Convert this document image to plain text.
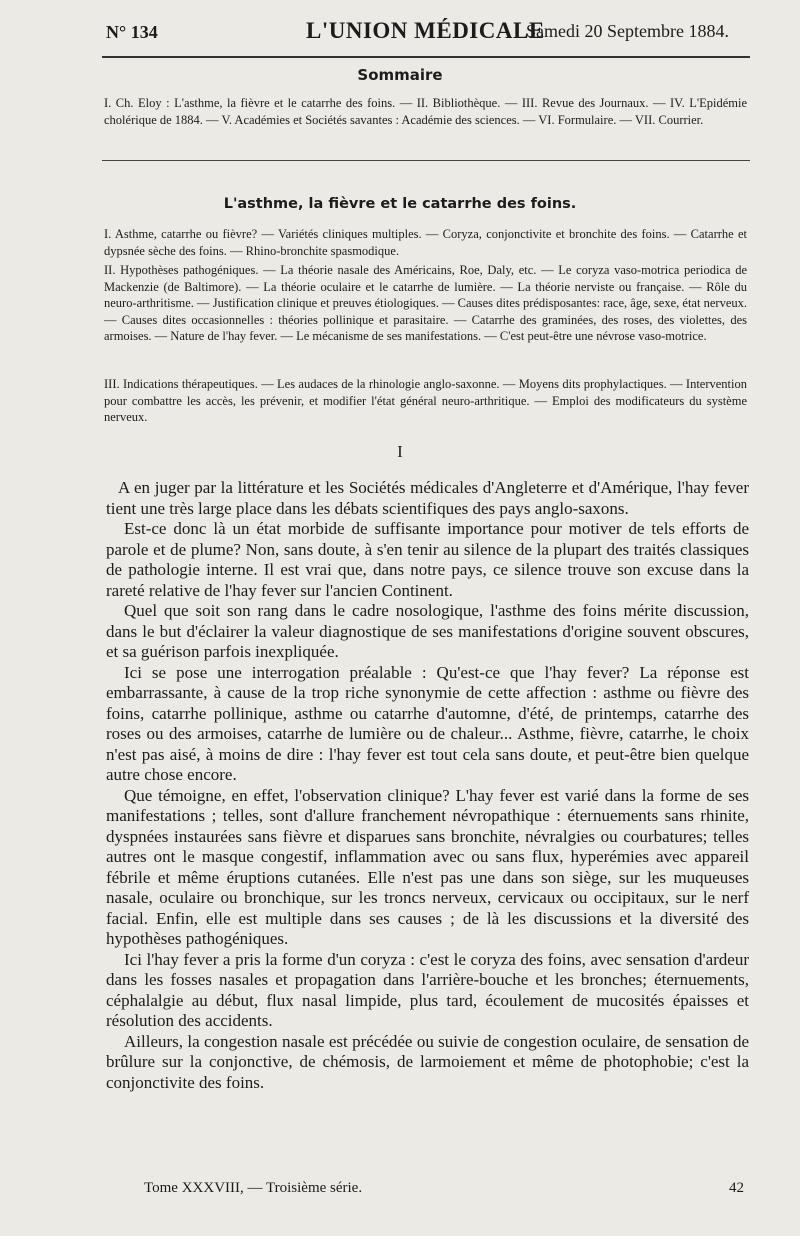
N° 134	L'UNION MÉDICALE
Samedi 20 Septembre 1884.
Sommaire
I. Ch. Eloy : L'asthme, la fièvre et le catarrhe des foins. — II. Bibliothèque. — III. Revue des Journaux. — IV. L'Epidémie cholérique de 1884. — V. Académies et Sociétés savantes : Académie des sciences. — VI. Formulaire. — VII. Courrier.
L'asthme, la fièvre et le catarrhe des foins.
I. Asthme, catarrhe ou fièvre? — Variétés cliniques multiples. — Coryza, conjonctivite et bronchite des foins. — Catarrhe et dypsnée sèche des foins. — Rhino-bronchite spasmodique.
II. Hypothèses pathogéniques. — La théorie nasale des Américains, Roe, Daly, etc. — Le coryza vaso-motrica periodica de Mackenzie (de Baltimore). — La théorie oculaire et le catarrhe de lumière. — La théorie nerviste ou française. — Rôle du neuro-arthritisme. — Justification clinique et preuves étiologiques. — Causes dites prédisposantes: race, âge, sexe, état nerveux. — Causes dites occasionnelles : théories pollinique et parasitaire. — Catarrhe des graminées, des roses, des violettes, des armoises. — Nature de l'hay fever. — Le mécanisme de ses manifestations. — C'est peut-être une névrose vaso-motrice.
III. Indications thérapeutiques. — Les audaces de la rhinologie anglo-saxonne. — Moyens dits prophylactiques. — Intervention pour combattre les accès, les prévenir, et modifier l'état général neuro-arthritique. — Emploi des modificateurs du système nerveux.
I

A en juger par la littérature et les Sociétés médicales d'Angleterre et d'Amérique, l'hay fever tient une très large place dans les débats scientifiques des pays anglo-saxons.

Est-ce donc là un état morbide de suffisante importance pour motiver de tels efforts de parole et de plume? Non, sans doute, à s'en tenir au silence de la plupart des traités classiques de pathologie interne. Il est vrai que, dans notre pays, ce silence trouve son excuse dans la rareté relative de l'hay fever sur l'ancien Continent.

Quel que soit son rang dans le cadre nosologique, l'asthme des foins mérite discussion, dans le but d'éclairer la valeur diagnostique de ses manifestations d'origine souvent obscures, et sa guérison parfois inexpliquée.

Ici se pose une interrogation préalable : Qu'est-ce que l'hay fever? La réponse est embarrassante, à cause de la trop riche synonymie de cette affection : asthme ou fièvre des foins, catarrhe pollinique, asthme ou catarrhe d'automne, d'été, de printemps, catarrhe des roses ou des armoises, catarrhe de lumière ou de chaleur... Asthme, fièvre, catarrhe, le choix n'est pas aisé, à moins de dire : l'hay fever est tout cela sans doute, et peut-être bien quelque autre chose encore.

Que témoigne, en effet, l'observation clinique? L'hay fever est varié dans la forme de ses manifestations ; telles, sont d'allure franchement névropathique : éternuements sans rhinite, dyspnées instaurées sans fièvre et disparues sans bronchite, névralgies ou courbatures; telles autres ont le masque congestif, inflammation avec ou sans flux, hyperémies avec appareil fébrile et même éruptions cutanées. Elle n'est pas une dans son siège, sur les muqueuses nasale, oculaire ou bronchique, sur les troncs nerveux, cervicaux ou occipitaux, sur le nerf facial. Enfin, elle est multiple dans ses causes ; de là les discussions et la diversité des hypothèses pathogéniques.

Ici l'hay fever a pris la forme d'un coryza : c'est le coryza des foins, avec sensation d'ardeur dans les fosses nasales et propagation dans l'arrière-bouche et les bronches; éternuements, céphalalgie au début, flux nasal limpide, plus tard, écoulement de mucosités épaisses et résolution des accidents.

Ailleurs, la congestion nasale est précédée ou suivie de congestion oculaire, de sensation de brûlure sur la conjonctive, de chémosis, de larmoiement et même de photophobie; c'est la conjonctivite des foins.

Tome XXXVIII, — Troisième série.	42
